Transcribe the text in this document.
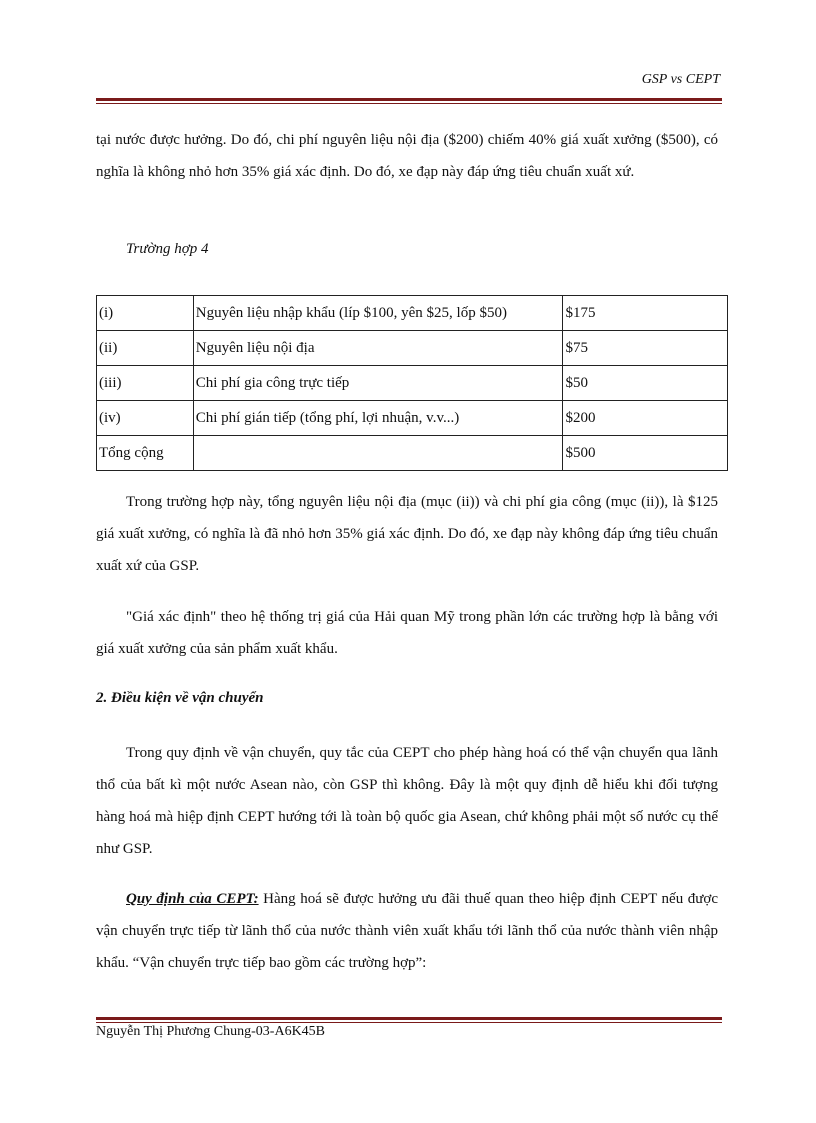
GSP vs CEPT

tại nước được hưởng. Do đó, chi phí nguyên liệu nội địa ($200) chiếm 40% giá xuất xưởng ($500), có nghĩa là không nhỏ hơn 35% giá xác định. Do đó, xe đạp này đáp ứng tiêu chuẩn xuất xứ.

Trường hợp 4
(i)	Nguyên liệu nhập khẩu (líp $100, yên $25, lốp $50)	$175
(ii)	Nguyên liệu nội địa	$75
(iii)	Chi phí gia công trực tiếp	$50
(iv)	Chi phí gián tiếp (tổng phí, lợi nhuận, v.v...)	$200
Tổng cộng		$500

Trong trường hợp này, tổng nguyên liệu nội địa (mục (ii)) và chi phí gia công (mục (ii)), là $125 giá xuất xưởng, có nghĩa là đã nhỏ hơn 35% giá xác định. Do đó, xe đạp này không đáp ứng tiêu chuẩn xuất xứ của GSP.

"Giá xác định" theo hệ thống trị giá của Hải quan Mỹ trong phần lớn các trường hợp là bằng với giá xuất xưởng của sản phẩm xuất khẩu.

2. Điều kiện về vận chuyển

Trong quy định về vận chuyển, quy tắc của CEPT cho phép hàng hoá có thể vận chuyển qua lãnh thổ của bất kì một nước Asean nào, còn GSP thì không. Đây là một quy định dễ hiểu khi đối tượng hàng hoá mà hiệp định CEPT hướng tới là toàn bộ quốc gia Asean, chứ không phải một số nước cụ thể như GSP.

Quy định của CEPT: Hàng hoá sẽ được hưởng ưu đãi thuế quan theo hiệp định CEPT nếu được vận chuyển trực tiếp từ lãnh thổ của nước thành viên xuất khẩu tới lãnh thổ của nước thành viên nhập khẩu. “Vận chuyển trực tiếp bao gồm các trường hợp”:

Nguyễn Thị Phương Chung-03-A6K45B
